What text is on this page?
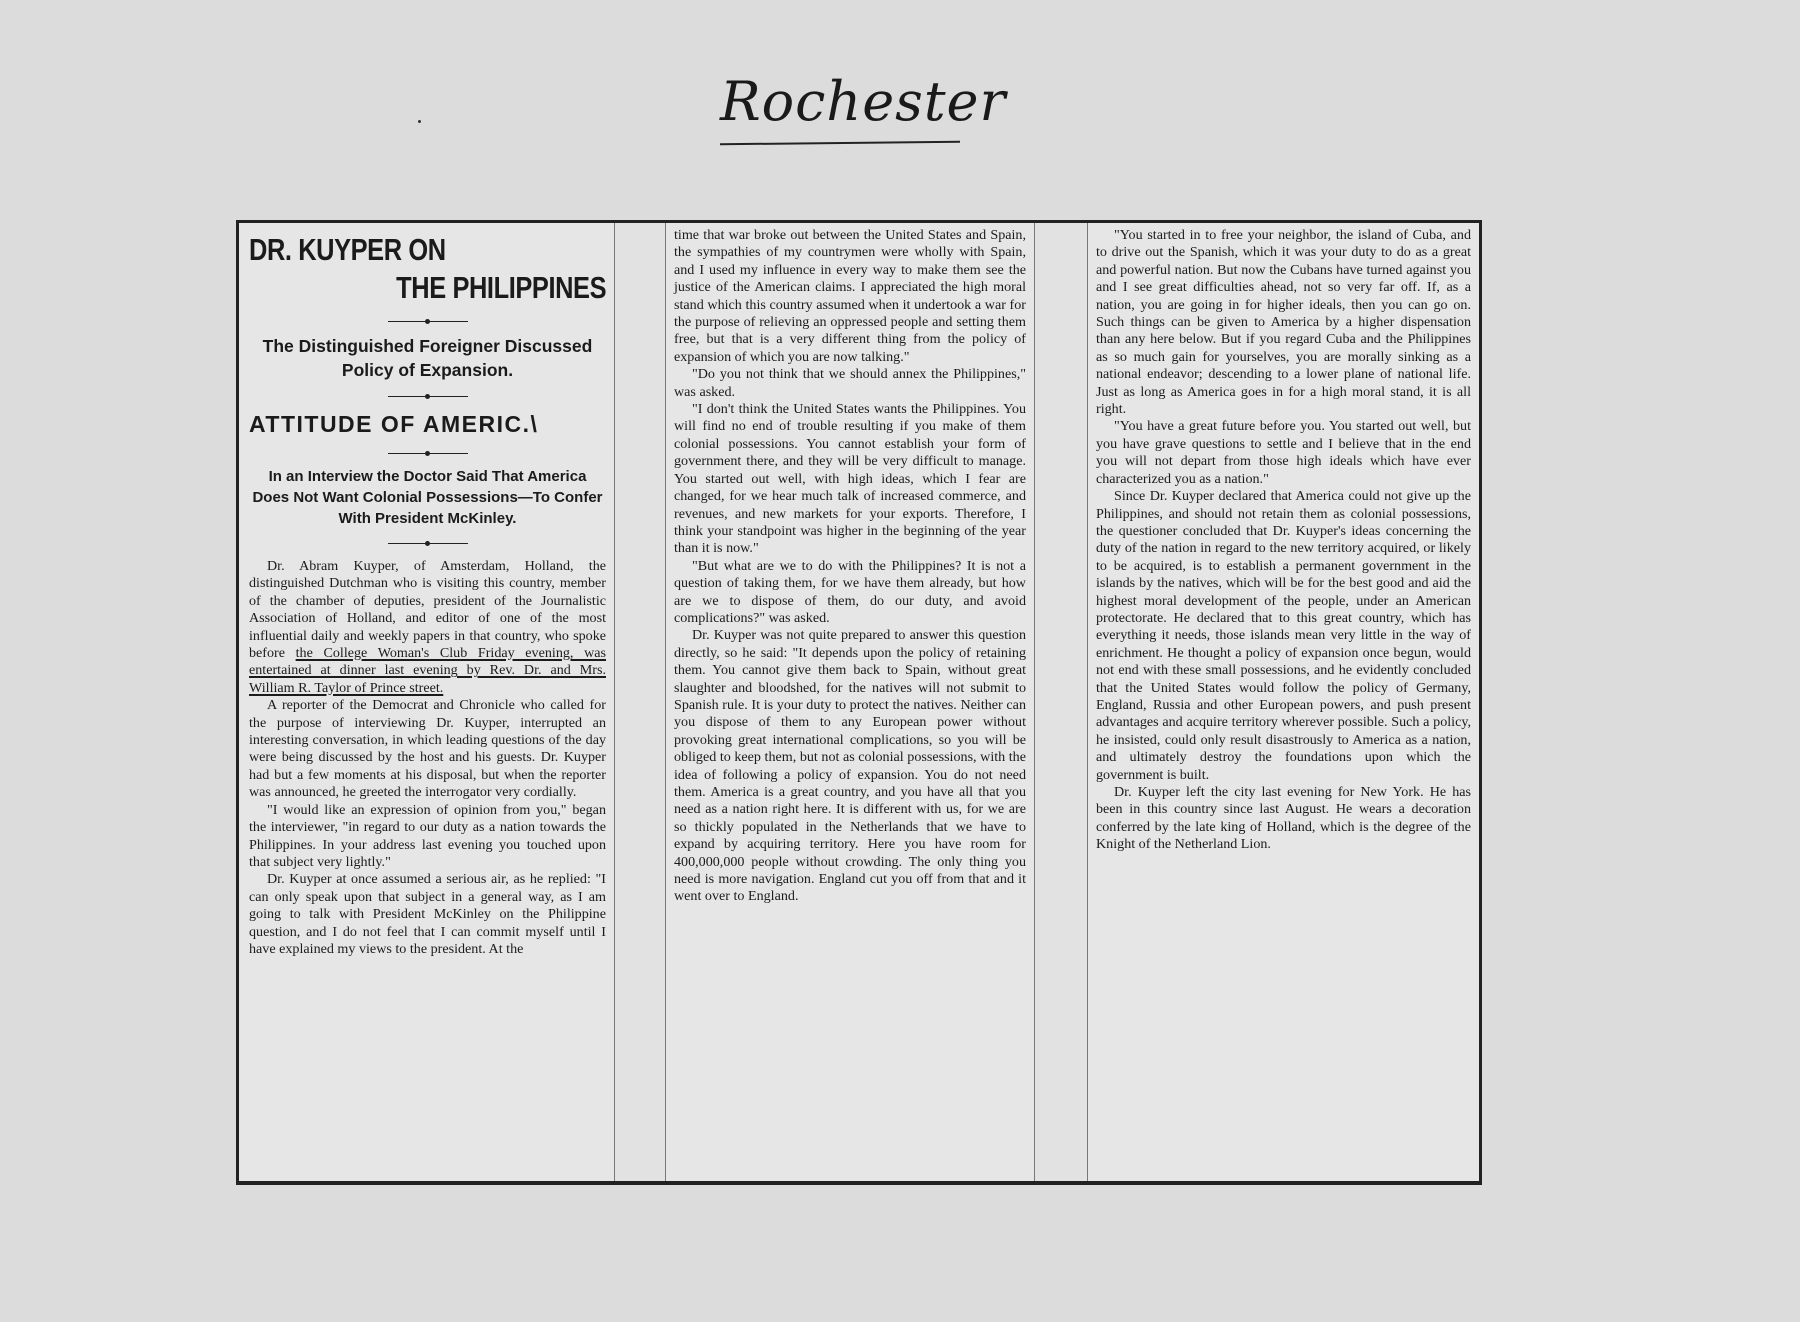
Rochester
DR. KUYPER ON
THE PHILIPPINES
The Distinguished Foreigner Discussed Policy of Expansion.
ATTITUDE OF AMERIC.\
In an Interview the Doctor Said That America Does Not Want Colonial Possessions—To Confer With President McKinley.

Dr. Abram Kuyper, of Amsterdam, Holland, the distinguished Dutchman who is visiting this country, member of the chamber of deputies, president of the Journalistic Association of Holland, and editor of one of the most influential daily and weekly papers in that country, who spoke before the College Woman's Club Friday evening, was entertained at dinner last evening by Rev. Dr. and Mrs. William R. Taylor of Prince street.

A reporter of the Democrat and Chronicle who called for the purpose of interviewing Dr. Kuyper, interrupted an interesting conversation, in which leading questions of the day were being discussed by the host and his guests. Dr. Kuyper had but a few moments at his disposal, but when the reporter was announced, he greeted the interrogator very cordially.

"I would like an expression of opinion from you," began the interviewer, "in regard to our duty as a nation towards the Philippines. In your address last evening you touched upon that subject very lightly."

Dr. Kuyper at once assumed a serious air, as he replied: "I can only speak upon that subject in a general way, as I am going to talk with President McKinley on the Philippine question, and I do not feel that I can commit myself until I have explained my views to the president. At the

time that war broke out between the United States and Spain, the sympathies of my countrymen were wholly with Spain, and I used my influence in every way to make them see the justice of the American claims. I appreciated the high moral stand which this country assumed when it undertook a war for the purpose of relieving an oppressed people and setting them free, but that is a very different thing from the policy of expansion of which you are now talking."

"Do you not think that we should annex the Philippines," was asked.

"I don't think the United States wants the Philippines. You will find no end of trouble resulting if you make of them colonial possessions. You cannot establish your form of government there, and they will be very difficult to manage. You started out well, with high ideas, which I fear are changed, for we hear much talk of increased commerce, and revenues, and new markets for your exports. Therefore, I think your standpoint was higher in the beginning of the year than it is now."

"But what are we to do with the Philippines? It is not a question of taking them, for we have them already, but how are we to dispose of them, do our duty, and avoid complications?" was asked.

Dr. Kuyper was not quite prepared to answer this question directly, so he said: "It depends upon the policy of retaining them. You cannot give them back to Spain, without great slaughter and bloodshed, for the natives will not submit to Spanish rule. It is your duty to protect the natives. Neither can you dispose of them to any European power without provoking great international complications, so you will be obliged to keep them, but not as colonial possessions, with the idea of following a policy of expansion. You do not need them. America is a great country, and you have all that you need as a nation right here. It is different with us, for we are so thickly populated in the Netherlands that we have to expand by acquiring territory. Here you have room for 400,000,000 people without crowding. The only thing you need is more navigation. England cut you off from that and it went over to England.

"You started in to free your neighbor, the island of Cuba, and to drive out the Spanish, which it was your duty to do as a great and powerful nation. But now the Cubans have turned against you and I see great difficulties ahead, not so very far off. If, as a nation, you are going in for higher ideals, then you can go on. Such things can be given to America by a higher dispensation than any here below. But if you regard Cuba and the Philippines as so much gain for yourselves, you are morally sinking as a national endeavor; descending to a lower plane of national life. Just as long as America goes in for a high moral stand, it is all right.

"You have a great future before you. You started out well, but you have grave questions to settle and I believe that in the end you will not depart from those high ideals which have ever characterized you as a nation."

Since Dr. Kuyper declared that America could not give up the Philippines, and should not retain them as colonial possessions, the questioner concluded that Dr. Kuyper's ideas concerning the duty of the nation in regard to the new territory acquired, or likely to be acquired, is to establish a permanent government in the islands by the natives, which will be for the best good and aid the highest moral development of the people, under an American protectorate. He declared that to this great country, which has everything it needs, those islands mean very little in the way of enrichment. He thought a policy of expansion once begun, would not end with these small possessions, and he evidently concluded that the United States would follow the policy of Germany, England, Russia and other European powers, and push present advantages and acquire territory wherever possible. Such a policy, he insisted, could only result disastrously to America as a nation, and ultimately destroy the foundations upon which the government is built.

Dr. Kuyper left the city last evening for New York. He has been in this country since last August. He wears a decoration conferred by the late king of Holland, which is the degree of the Knight of the Netherland Lion.
